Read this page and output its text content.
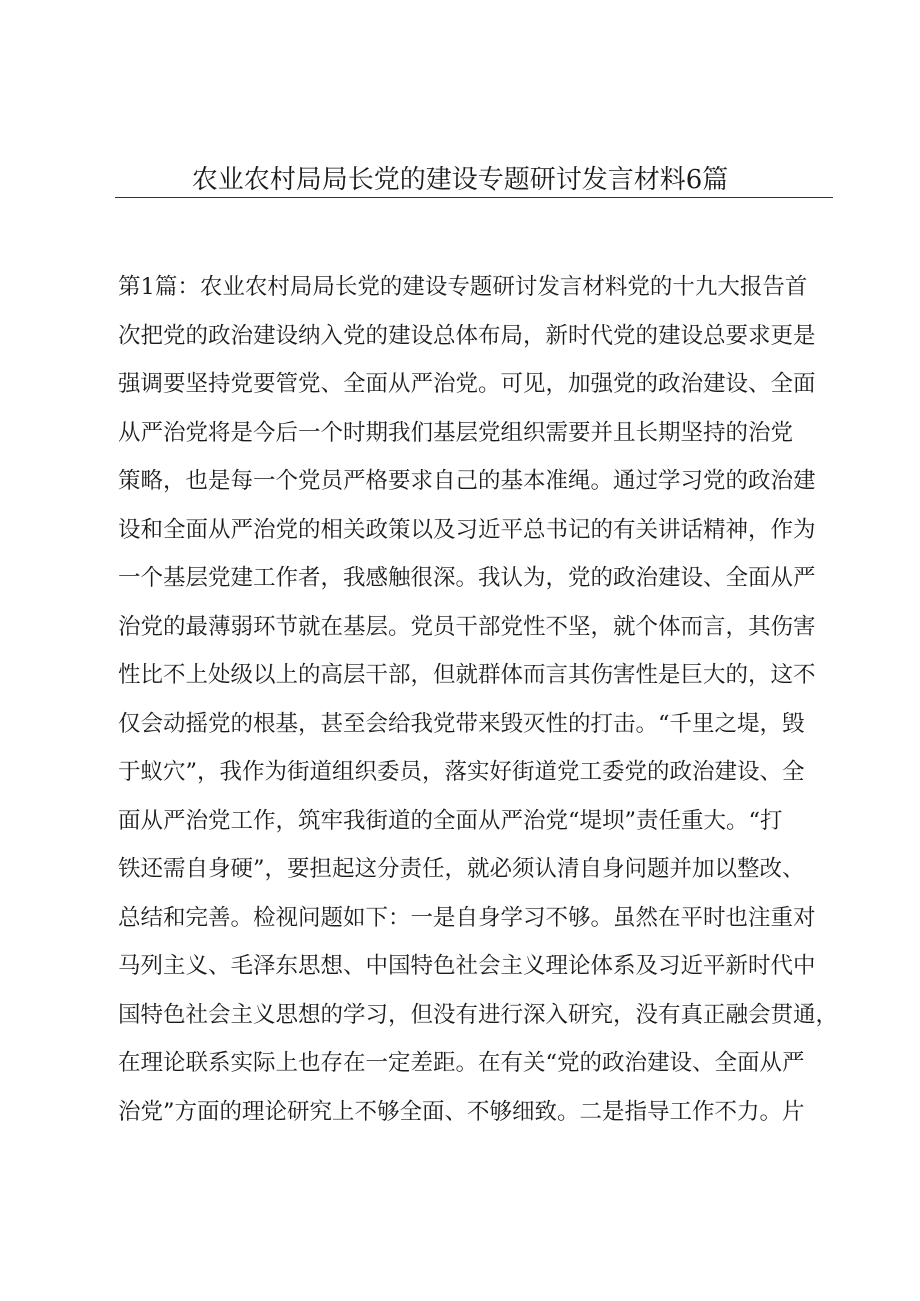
农业农村局局长党的建设专题研讨发言材料6篇
第1篇：农业农村局局长党的建设专题研讨发言材料党的十九大报告首
次把党的政治建设纳入党的建设总体布局，新时代党的建设总要求更是
强调要坚持党要管党、全面从严治党。可见，加强党的政治建设、全面
从严治党将是今后一个时期我们基层党组织需要并且长期坚持的治党
策略，也是每一个党员严格要求自己的基本准绳。通过学习党的政治建
设和全面从严治党的相关政策以及习近平总书记的有关讲话精神，作为
一个基层党建工作者，我感触很深。我认为，党的政治建设、全面从严
治党的最薄弱环节就在基层。党员干部党性不坚，就个体而言，其伤害
性比不上处级以上的高层干部，但就群体而言其伤害性是巨大的，这不
仅会动摇党的根基，甚至会给我党带来毁灭性的打击。“千里之堤，毁
于蚁穴”，我作为街道组织委员，落实好街道党工委党的政治建设、全
面从严治党工作，筑牢我街道的全面从严治党“堤坝”责任重大。“打
铁还需自身硬”，要担起这分责任，就必须认清自身问题并加以整改、
总结和完善。检视问题如下：一是自身学习不够。虽然在平时也注重对
马列主义、毛泽东思想、中国特色社会主义理论体系及习近平新时代中
国特色社会主义思想的学习，但没有进行深入研究，没有真正融会贯通，
在理论联系实际上也存在一定差距。在有关“党的政治建设、全面从严
治党”方面的理论研究上不够全面、不够细致。二是指导工作不力。片
